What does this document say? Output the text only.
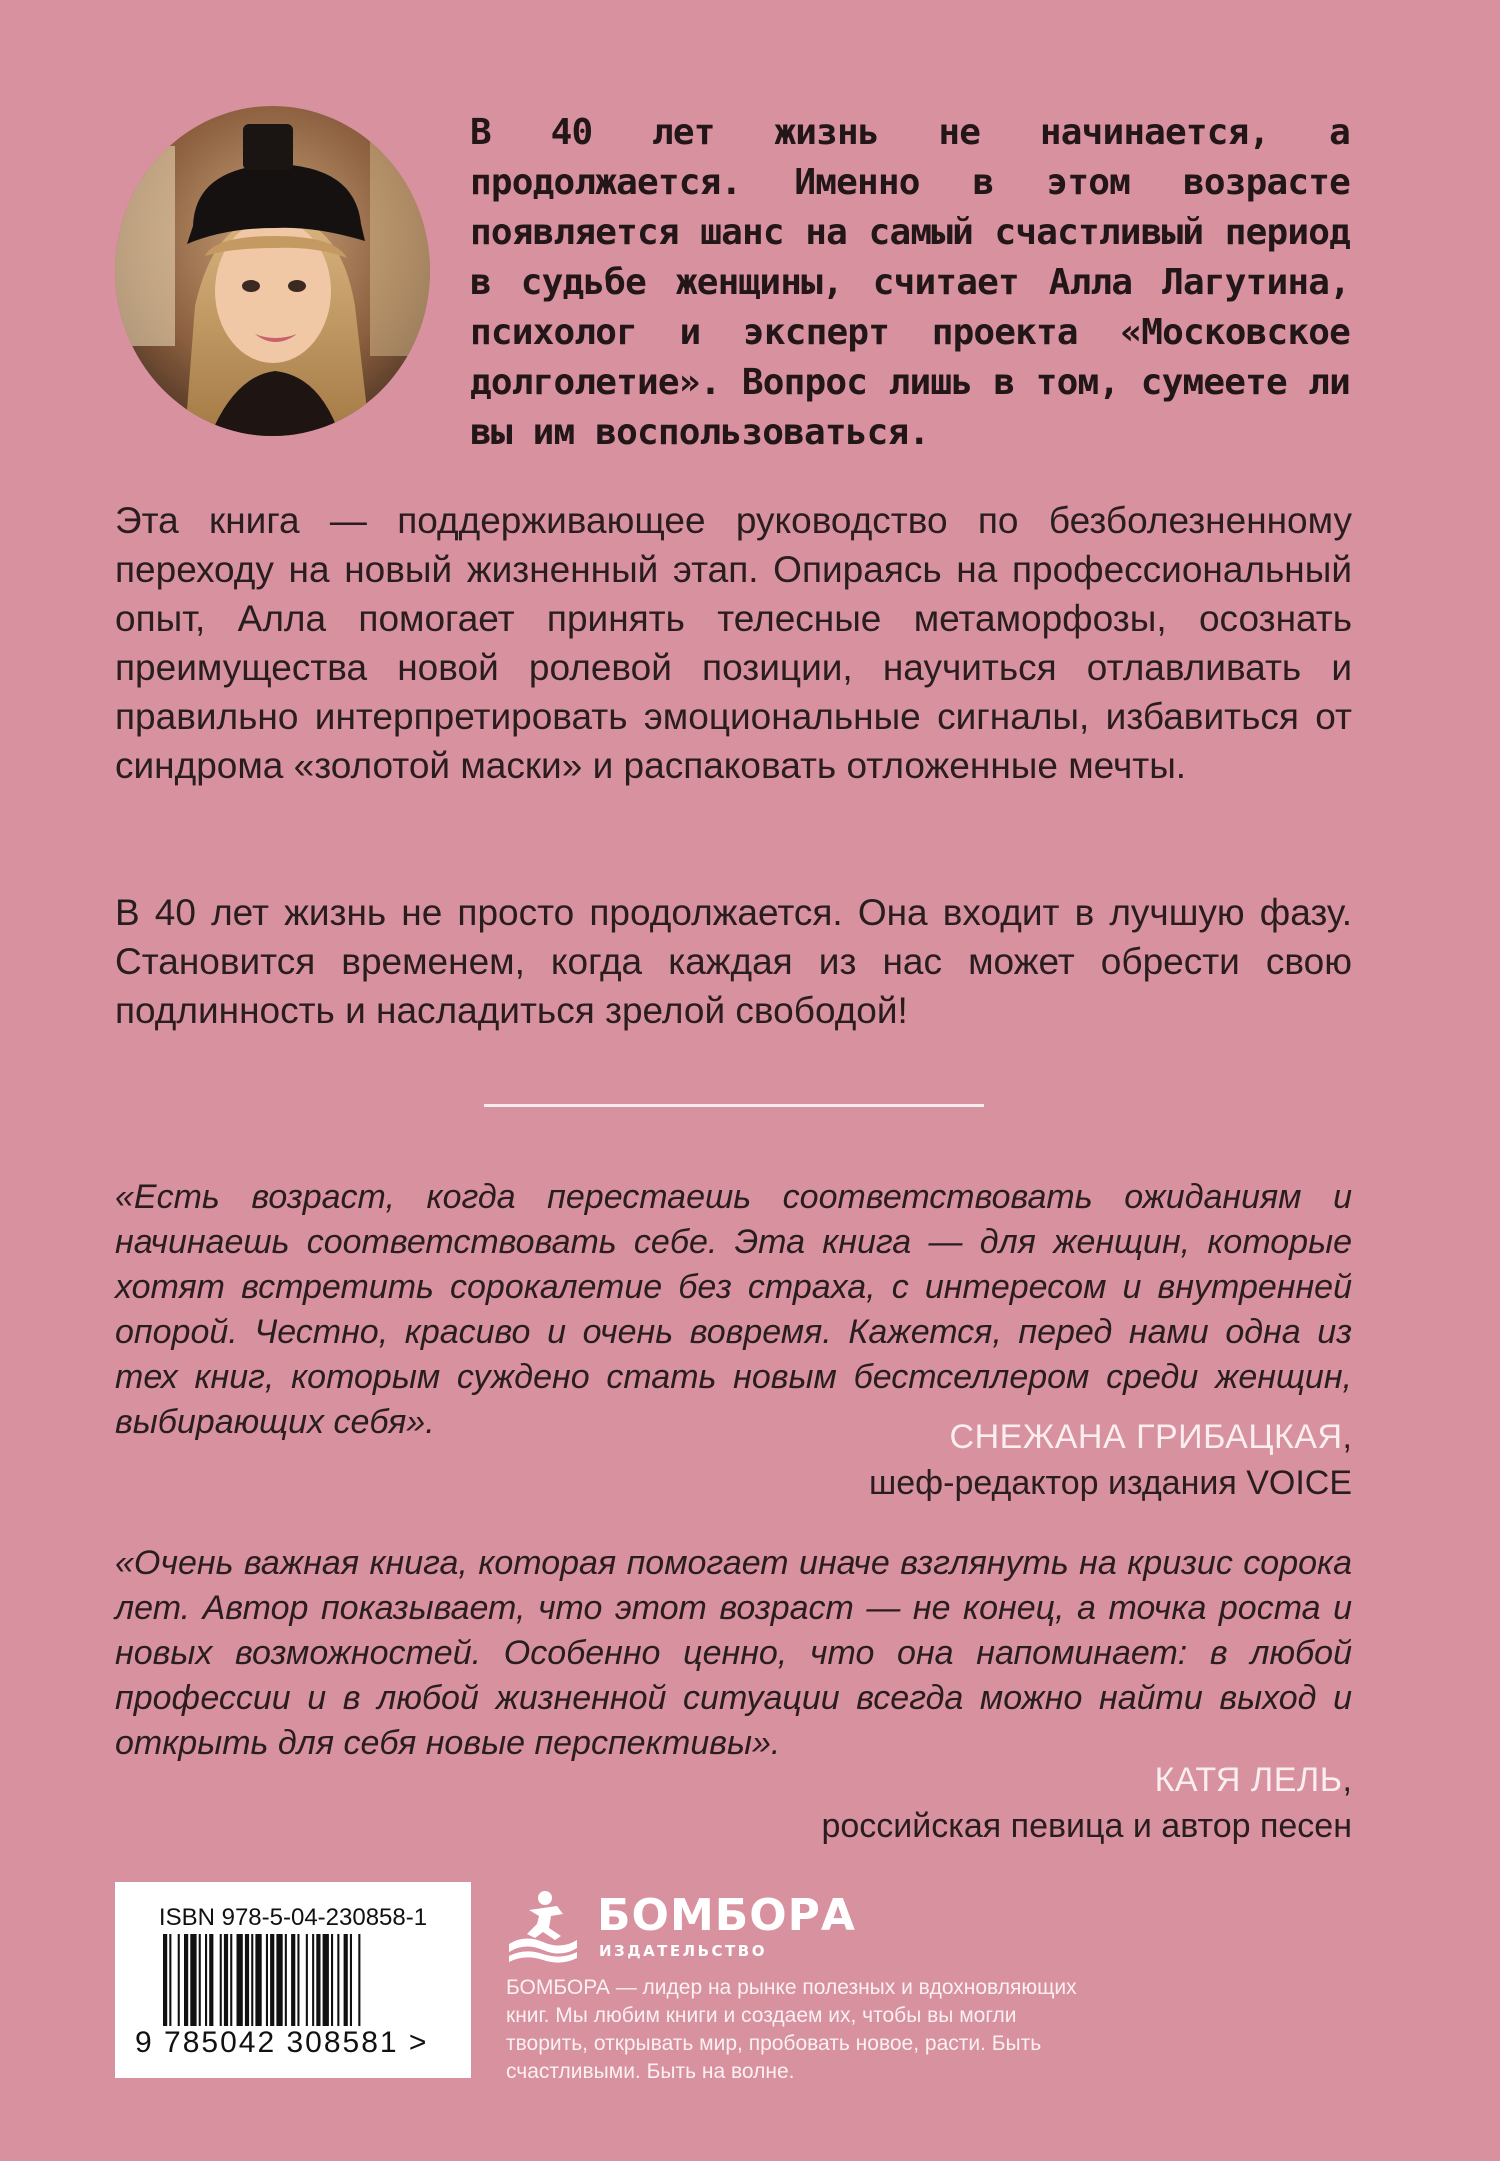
В 40 лет жизнь не начинается, а продолжается. Именно в этом возрасте появляется шанс на самый счастливый период в судьбе женщины, считает Алла Лагутина, психолог и эксперт проекта «Московское долголетие». Вопрос лишь в том, сумеете ли вы им воспользоваться.
Эта книга — поддерживающее руководство по безболезненному переходу на новый жизненный этап. Опираясь на профессиональный опыт, Алла помогает принять телесные метаморфозы, осознать преимущества новой ролевой позиции, научиться отлавливать и правильно интерпретировать эмоциональные сигналы, избавиться от синдрома «золотой маски» и распаковать отложенные мечты.
В 40 лет жизнь не просто продолжается. Она входит в лучшую фазу. Становится временем, когда каждая из нас может обрести свою подлинность и насладиться зрелой свободой!
«Есть возраст, когда перестаешь соответствовать ожиданиям и начинаешь соответствовать себе. Эта книга — для женщин, которые хотят встретить сорокалетие без страха, с интересом и внутренней опорой. Честно, красиво и очень вовремя. Кажется, перед нами одна из тех книг, которым суждено стать новым бестселлером среди женщин, выбирающих себя».	СНЕЖАНА ГРИБАЦКАЯ,
шеф-редактор издания VOICE
«Очень важная книга, которая помогает иначе взглянуть на кризис сорока лет. Автор показывает, что этот возраст — не конец, а точка роста и новых возможностей. Особенно ценно, что она напоминает: в любой профессии и в любой жизненной ситуации всегда можно найти выход и открыть для себя новые перспективы».
КАТЯ ЛЕЛЬ,
российская певица и автор песен
ISBN 978-5-04-230858-1
9 785042 308581 >
БОМБОРА
ИЗДАТЕЛЬСТВО
БОМБОРА — лидер на рынке полезных и вдохновляющих книг. Мы любим книги и создаем их, чтобы вы могли творить, открывать мир, пробовать новое, расти. Быть счастливыми. Быть на волне.
